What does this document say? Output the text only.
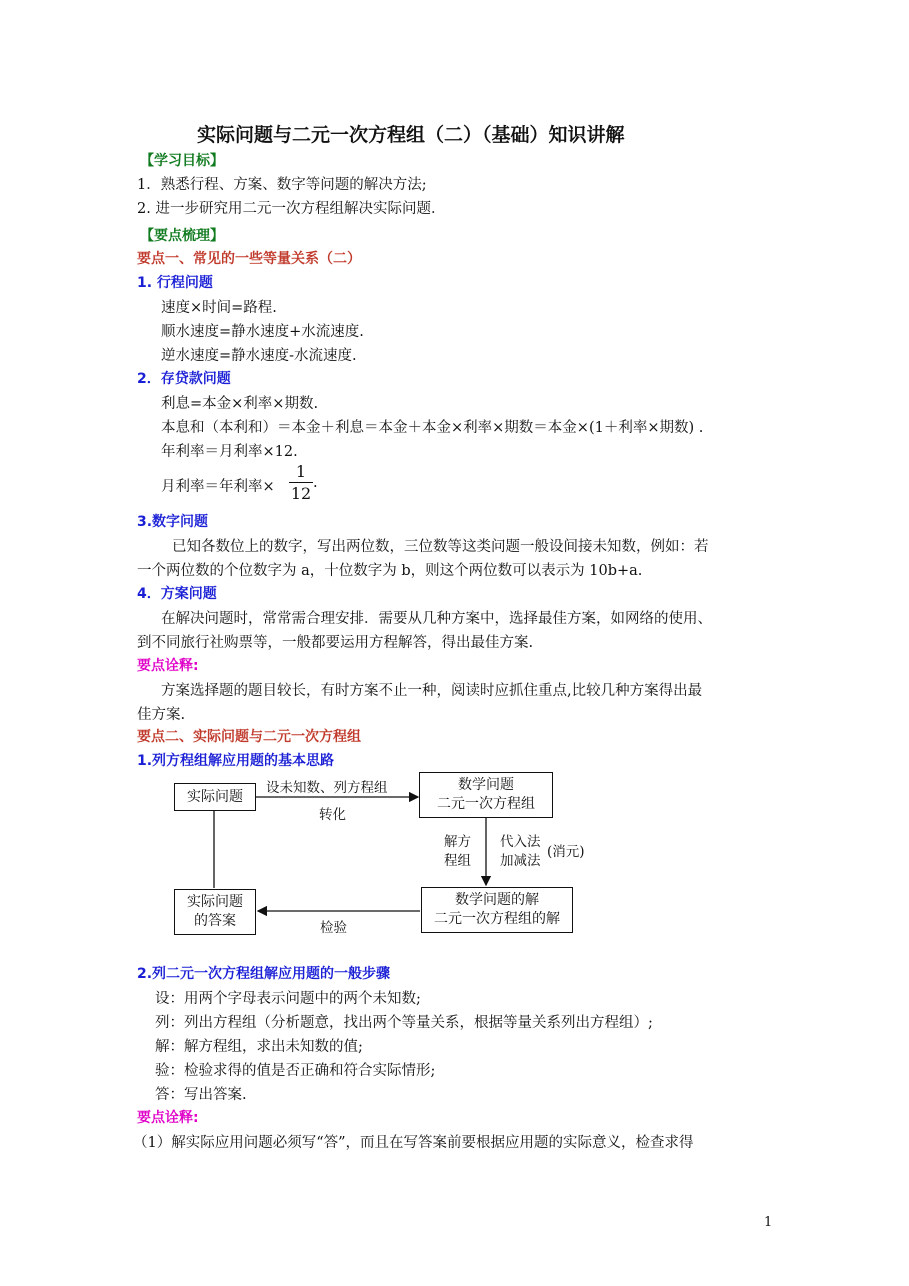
实际问题与二元一次方程组（二）（基础）知识讲解
【学习目标】
1．熟悉行程、方案、数字等问题的解决方法;
2. 进一步研究用二元一次方程组解决实际问题．
【要点梳理】
要点一、常见的一些等量关系（二）
1. 行程问题
速度×时间=路程.
顺水速度=静水速度+水流速度.
逆水速度=静水速度-水流速度.
2．存贷款问题
利息=本金×利率×期数.
本息和（本利和）＝本金＋利息＝本金＋本金×利率×期数＝本金×(1＋利率×期数) .
年利率＝月利率×12.
月利率＝年利率× $\frac{1}{12}$ .
3.数字问题
已知各数位上的数字，写出两位数，三位数等这类问题一般设间接未知数，例如：若
一个两位数的个位数字为 a，十位数字为 b，则这个两位数可以表示为 10b+a.
4．方案问题
在解决问题时，常常需合理安排．需要从几种方案中，选择最佳方案，如网络的使用、
到不同旅行社购票等，一般都要运用方程解答，得出最佳方案.
要点诠释:
方案选择题的题目较长，有时方案不止一种，阅读时应抓住重点,比较几种方案得出最
佳方案.
要点二、实际问题与二元一次方程组
1.列方程组解应用题的基本思路
实际问题
数学问题
二元一次方程组
数学问题的解
二元一次方程组的解
实际问题
的答案
设未知数、列方程组
转化
解方
程组
代入法
加减法
(消元)
检验
2.列二元一次方程组解应用题的一般步骤
设：用两个字母表示问题中的两个未知数;
列：列出方程组（分析题意，找出两个等量关系，根据等量关系列出方程组）;
解：解方程组，求出未知数的值;
验：检验求得的值是否正确和符合实际情形;
答：写出答案.
要点诠释:
（1）解实际应用问题必须写“答”，而且在写答案前要根据应用题的实际意义，检查求得
1
